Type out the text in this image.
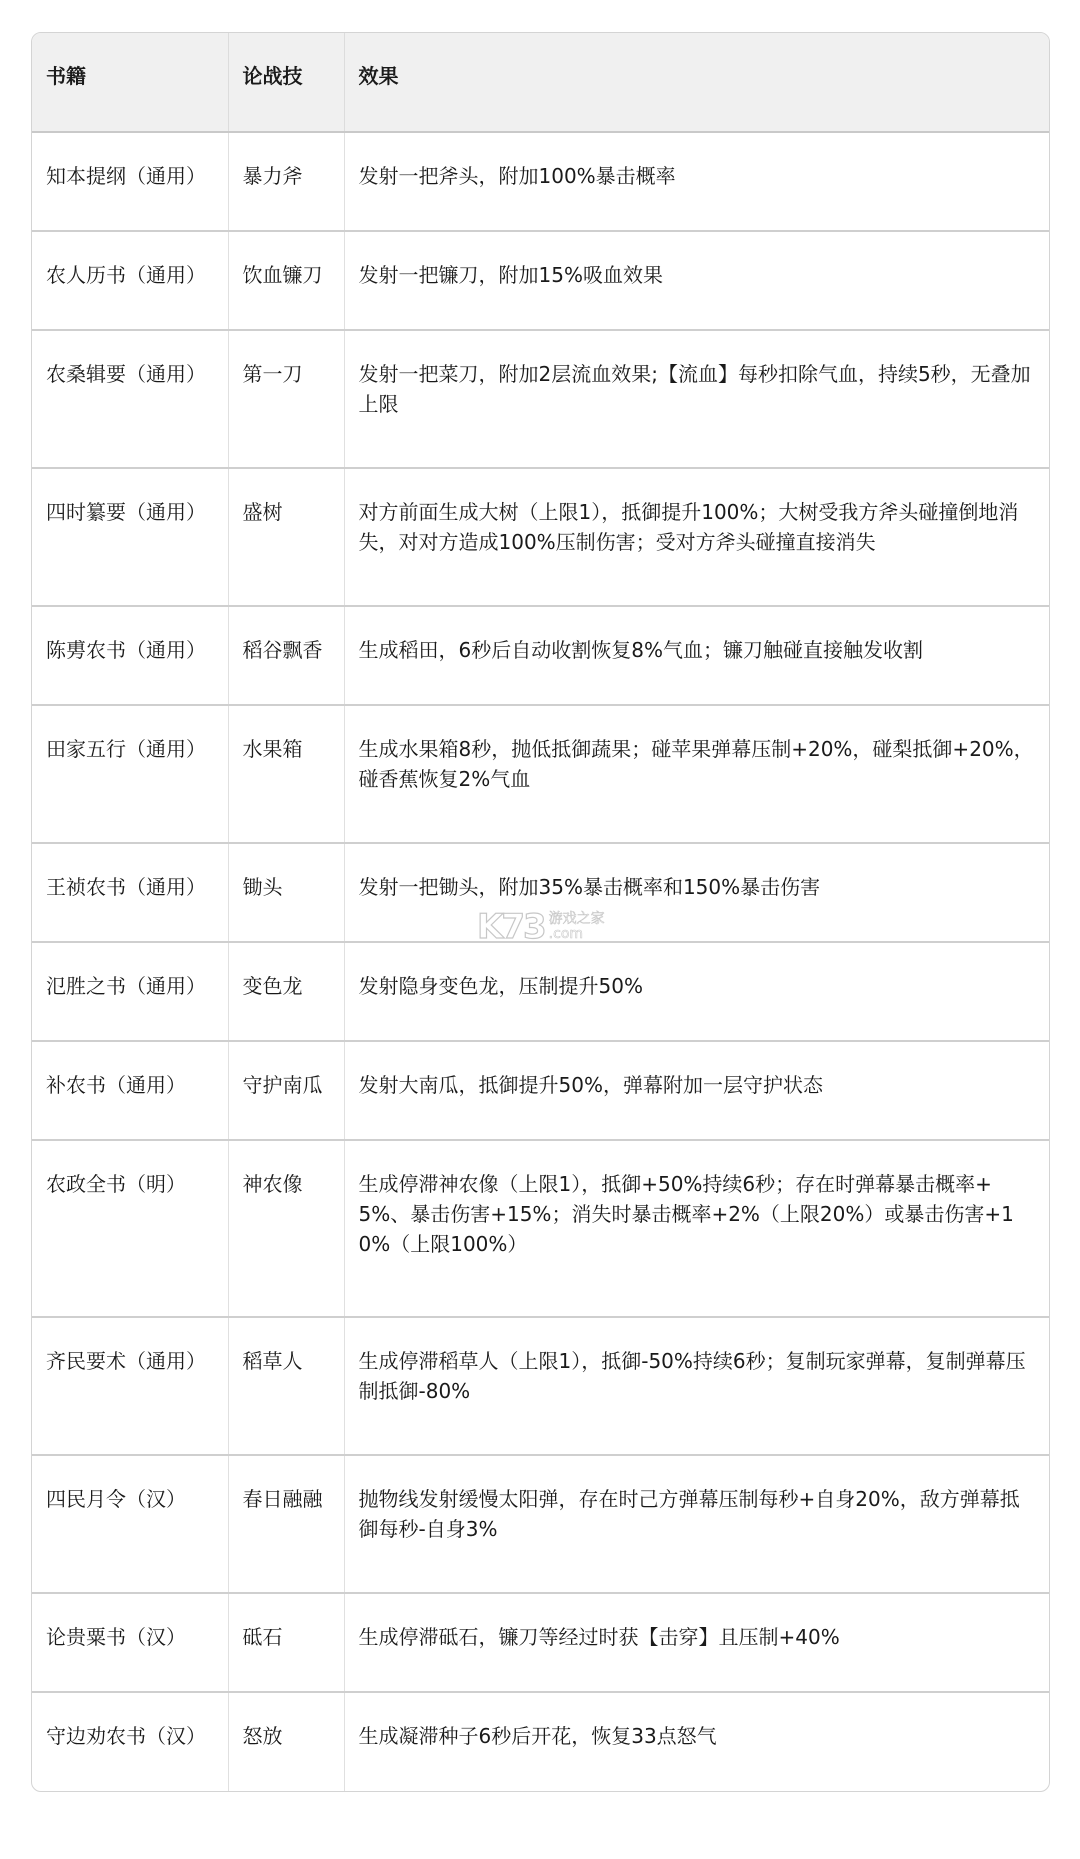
书籍	论战技	效果
知本提纲（通用）	暴力斧	发射一把斧头，附加100%暴击概率
农人历书（通用）	饮血镰刀	发射一把镰刀，附加15%吸血效果
农桑辑要（通用）	第一刀	发射一把菜刀，附加2层流血效果;【流血】每秒扣除气血，持续5秒，无叠加上限
四时纂要（通用）	盛树	对方前面生成大树（上限1），抵御提升100%；大树受我方斧头碰撞倒地消失，对对方造成100%压制伤害；受对方斧头碰撞直接消失
陈旉农书（通用）	稻谷飘香	生成稻田，6秒后自动收割恢复8%气血；镰刀触碰直接触发收割
田家五行（通用）	水果箱	生成水果箱8秒，抛低抵御蔬果；碰苹果弹幕压制+20%，碰梨抵御+20%，碰香蕉恢复2%气血
王祯农书（通用）	锄头	发射一把锄头，附加35%暴击概率和150%暴击伤害
氾胜之书（通用）	变色龙	发射隐身变色龙，压制提升50%
补农书（通用）	守护南瓜	发射大南瓜，抵御提升50%，弹幕附加一层守护状态
农政全书（明）	神农像	生成停滞神农像（上限1），抵御+50%持续6秒；存在时弹幕暴击概率+5%、暴击伤害+15%；消失时暴击概率+2%（上限20%）或暴击伤害+10%（上限100%）
齐民要术（通用）	稻草人	生成停滞稻草人（上限1），抵御-50%持续6秒；复制玩家弹幕，复制弹幕压制抵御-80%
四民月令（汉）	春日融融	抛物线发射缓慢太阳弹，存在时己方弹幕压制每秒+自身20%，敌方弹幕抵御每秒-自身3%
论贵粟书（汉）	砥石	生成停滞砥石，镰刀等经过时获【击穿】且压制+40%
守边劝农书（汉）	怒放	生成凝滞种子6秒后开花，恢复33点怒气
K73 游戏之家
.com
